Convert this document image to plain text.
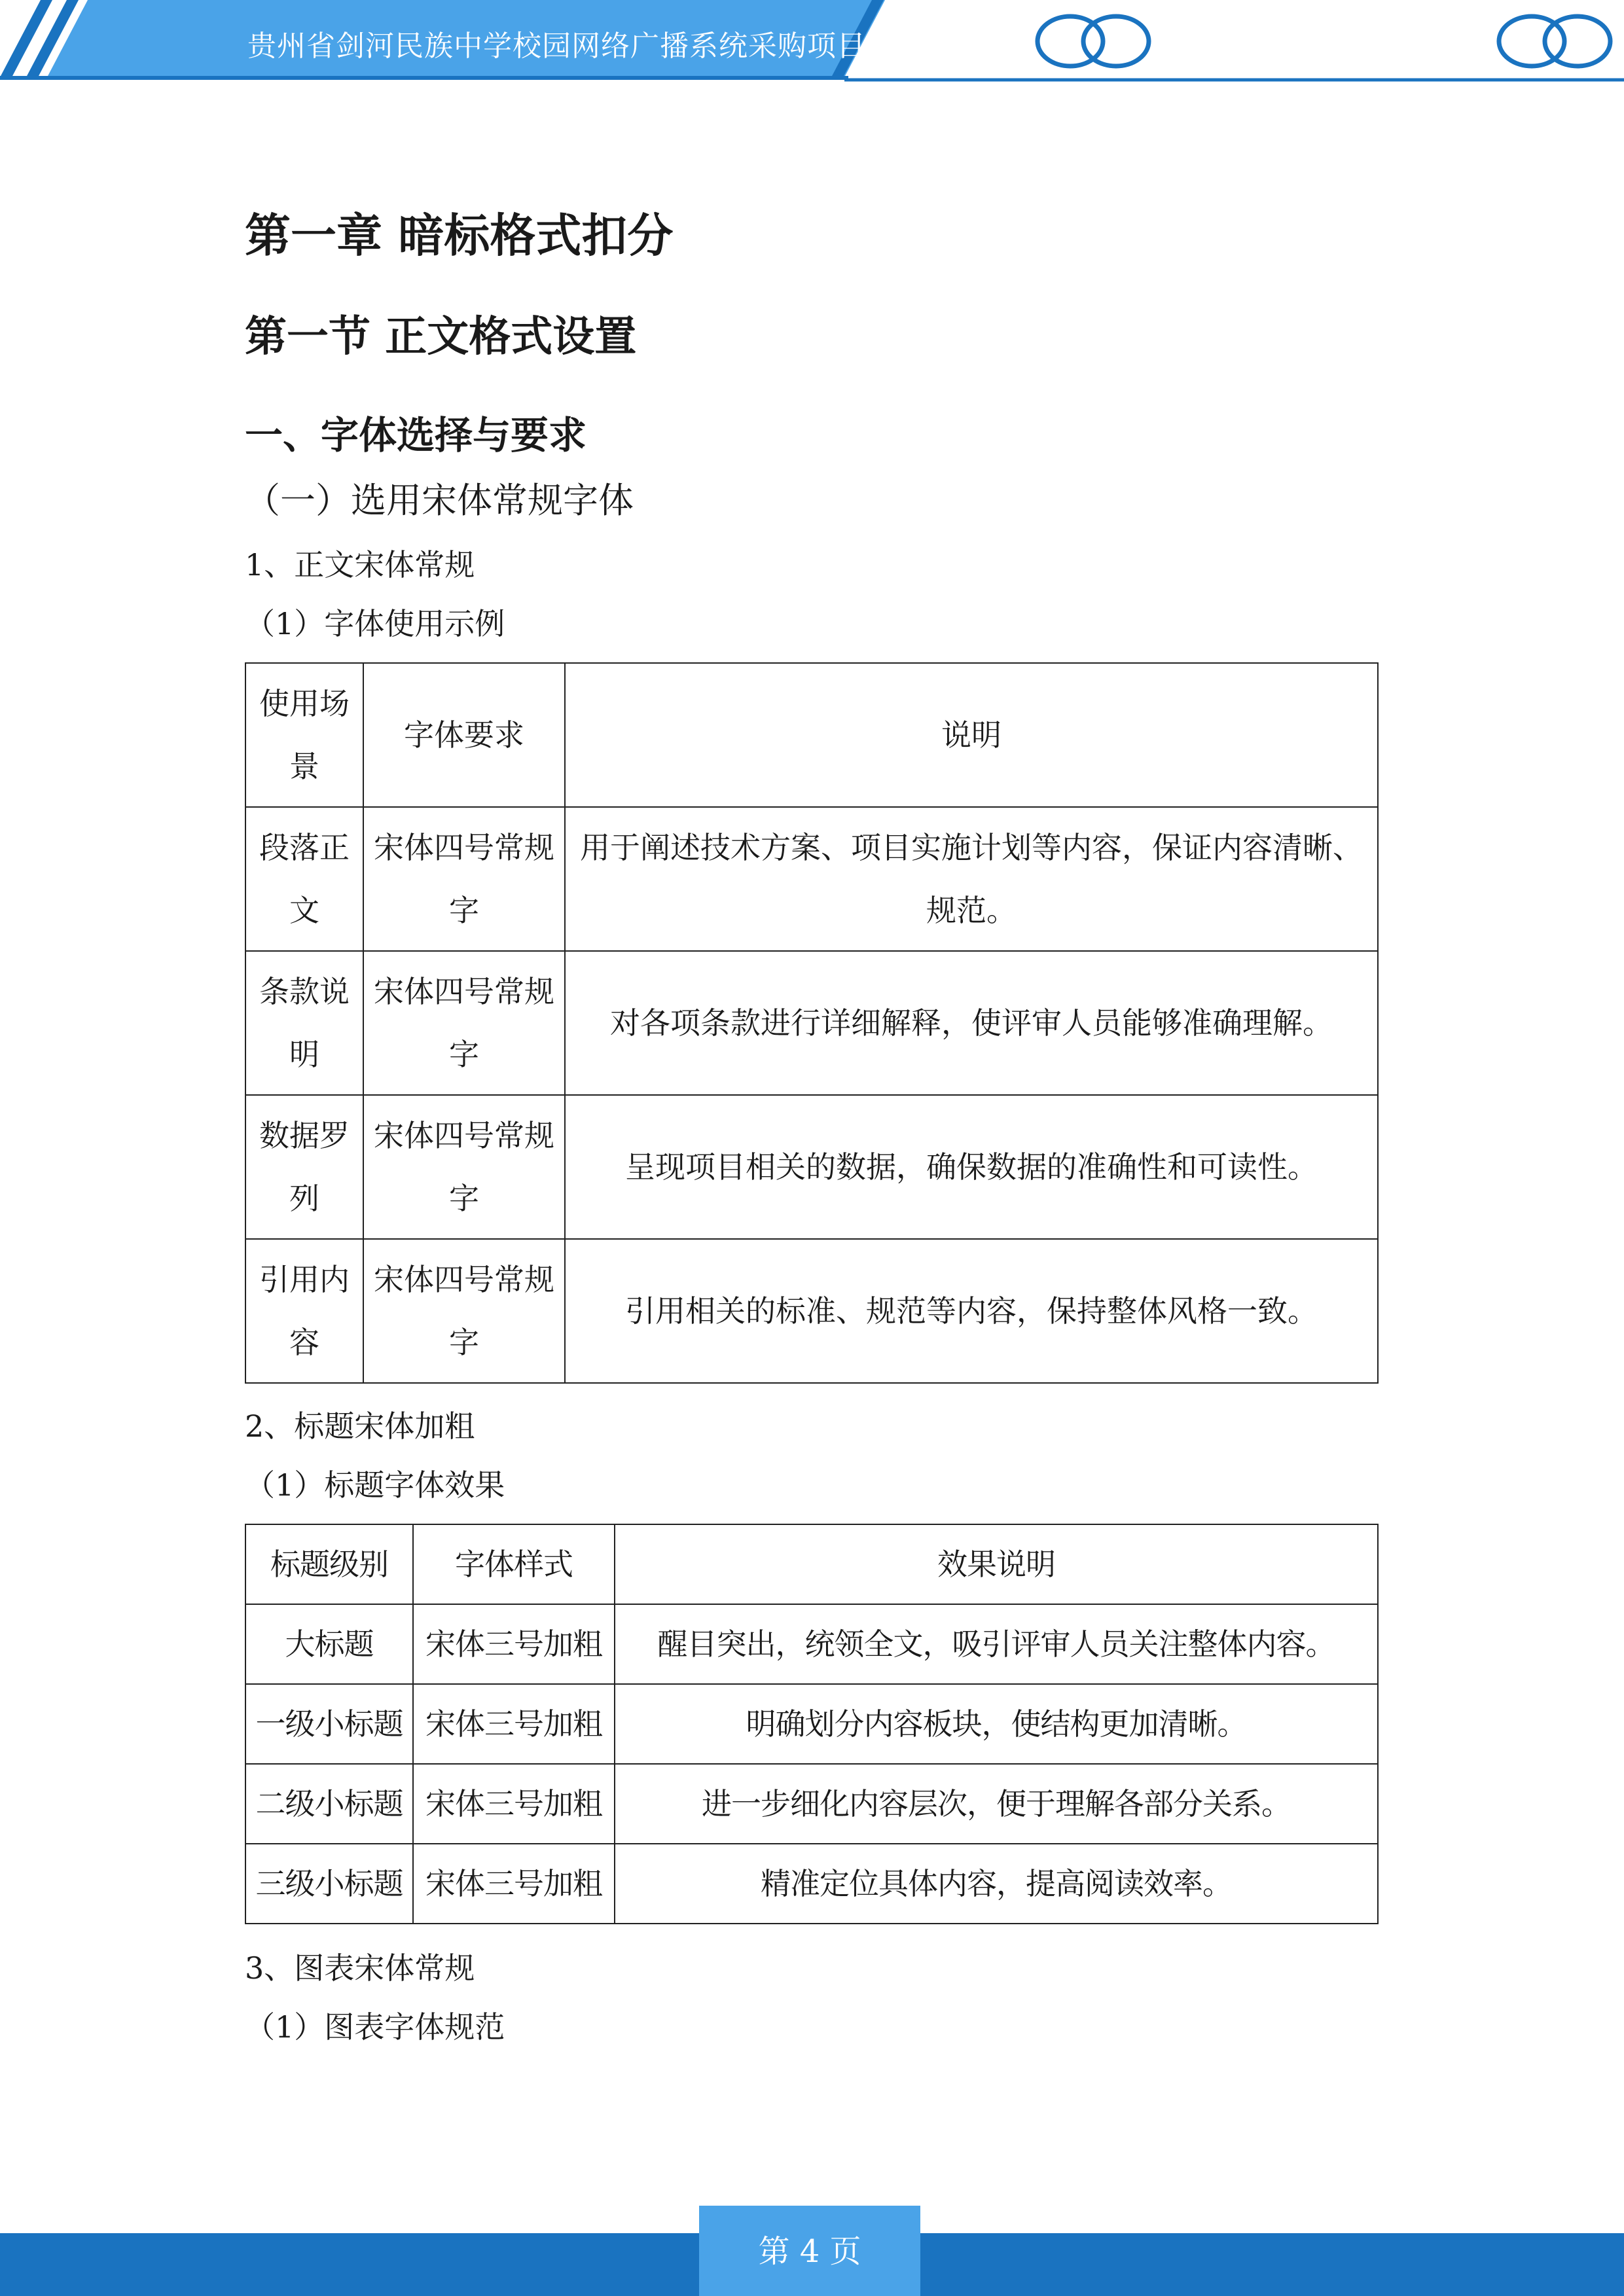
贵州省剑河民族中学校园网络广播系统采购项目
第一章 暗标格式扣分
第一节 正文格式设置
一、字体选择与要求
（一）选用宋体常规字体
1、正文宋体常规
（1）字体使用示例
使用场景	字体要求	说明
段落正文	宋体四号常规字	用于阐述技术方案、项目实施计划等内容，保证内容清晰、规范。
条款说明	宋体四号常规字	对各项条款进行详细解释，使评审人员能够准确理解。
数据罗列	宋体四号常规字	呈现项目相关的数据，确保数据的准确性和可读性。
引用内容	宋体四号常规字	引用相关的标准、规范等内容，保持整体风格一致。
2、标题宋体加粗
（1）标题字体效果
标题级别	字体样式	效果说明
大标题	宋体三号加粗	醒目突出，统领全文，吸引评审人员关注整体内容。
一级小标题	宋体三号加粗	明确划分内容板块，使结构更加清晰。
二级小标题	宋体三号加粗	进一步细化内容层次，便于理解各部分关系。
三级小标题	宋体三号加粗	精准定位具体内容，提高阅读效率。
3、图表宋体常规
（1）图表字体规范
第 4 页
